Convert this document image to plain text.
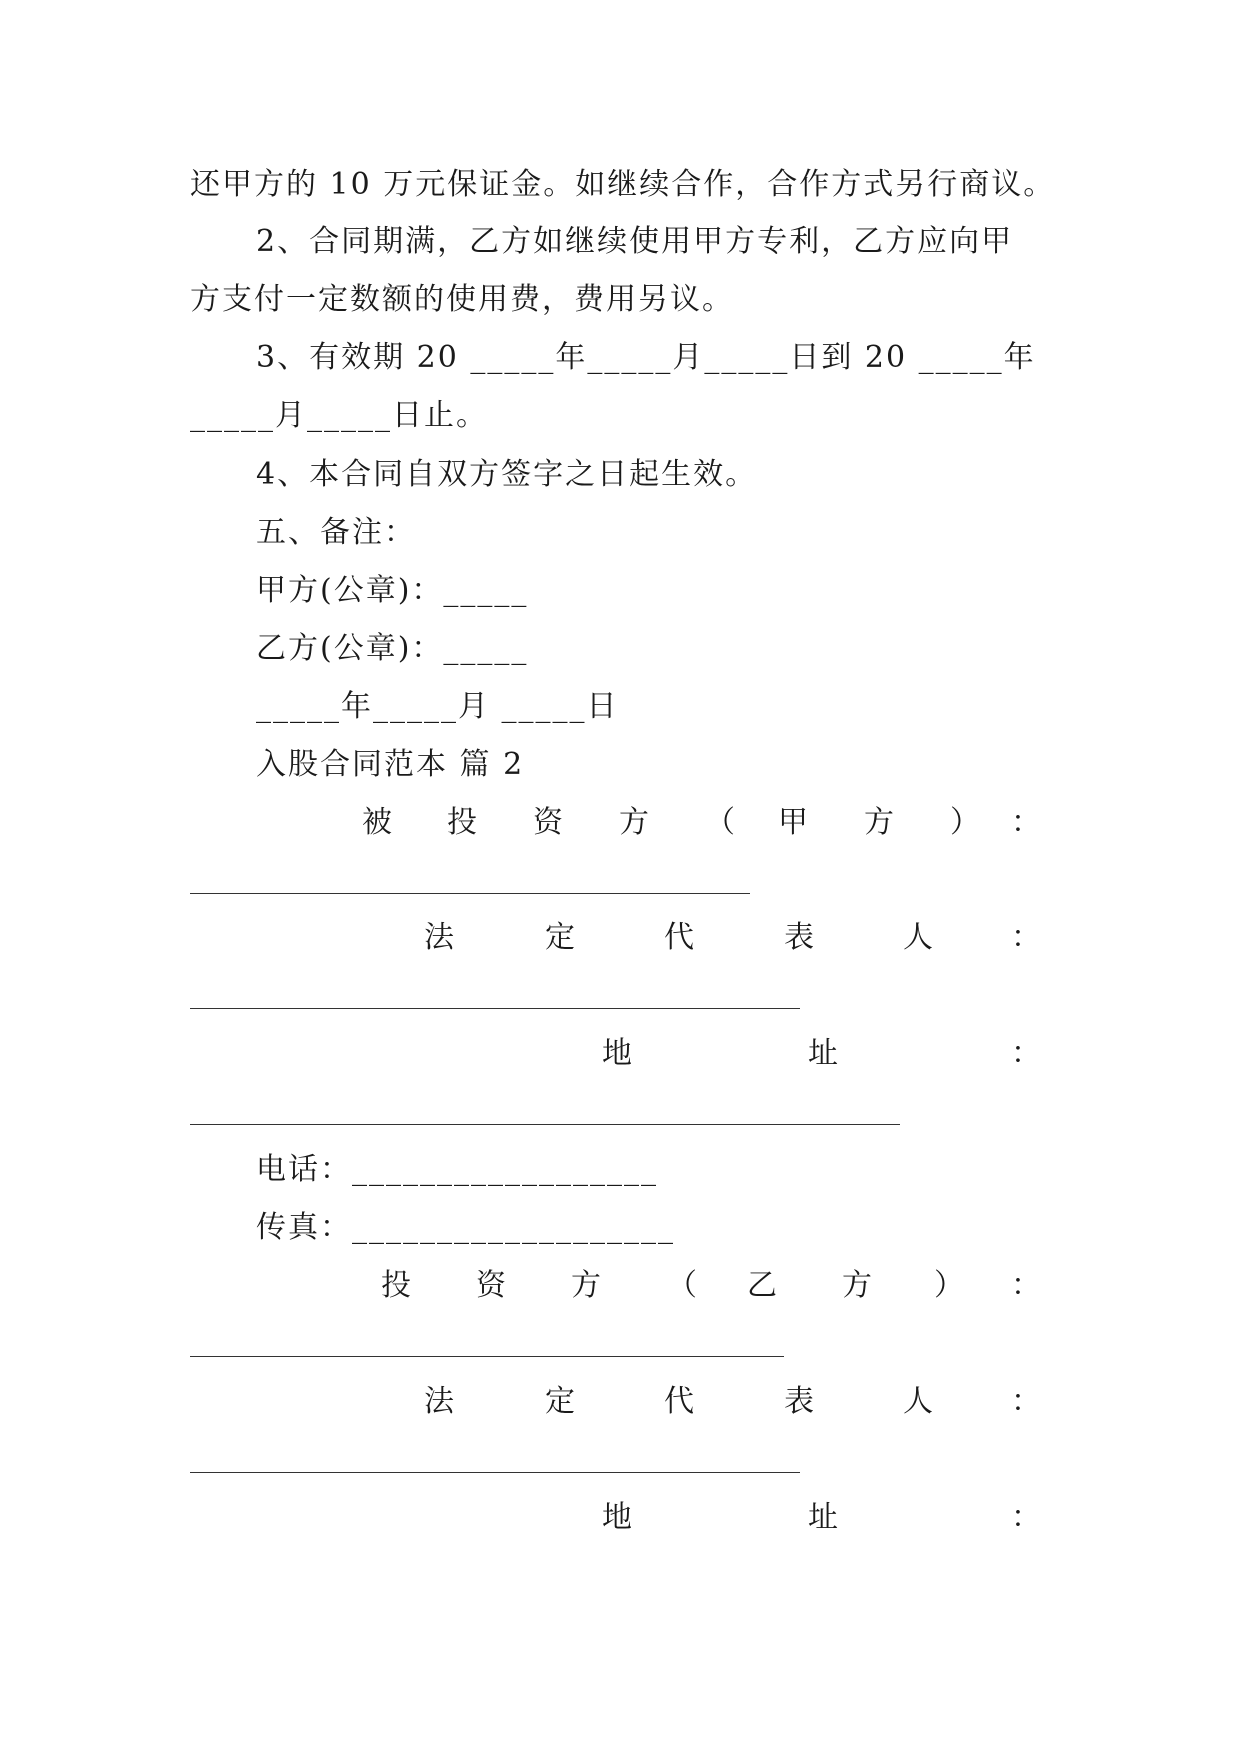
还甲方的 10 万元保证金。如继续合作，合作方式另行商议。
2、合同期满，乙方如继续使用甲方专利，乙方应向甲
方支付一定数额的使用费，费用另议。
3、有效期 20 _____年_____月_____日到 20 _____年
_____月_____日止。
4、本合同自双方签字之日起生效。
五、备注：
甲方(公章)：_____
乙方(公章)：_____
_____年_____月 _____日
入股合同范本 篇 2
被 投 资 方 （ 甲 方 ） ：
法	定	代	表	人	：
地	址	：
电话：__________________
传真：___________________
投 资 方 （ 乙 方 ） ：
法	定	代	表	人	：
地	址	：
